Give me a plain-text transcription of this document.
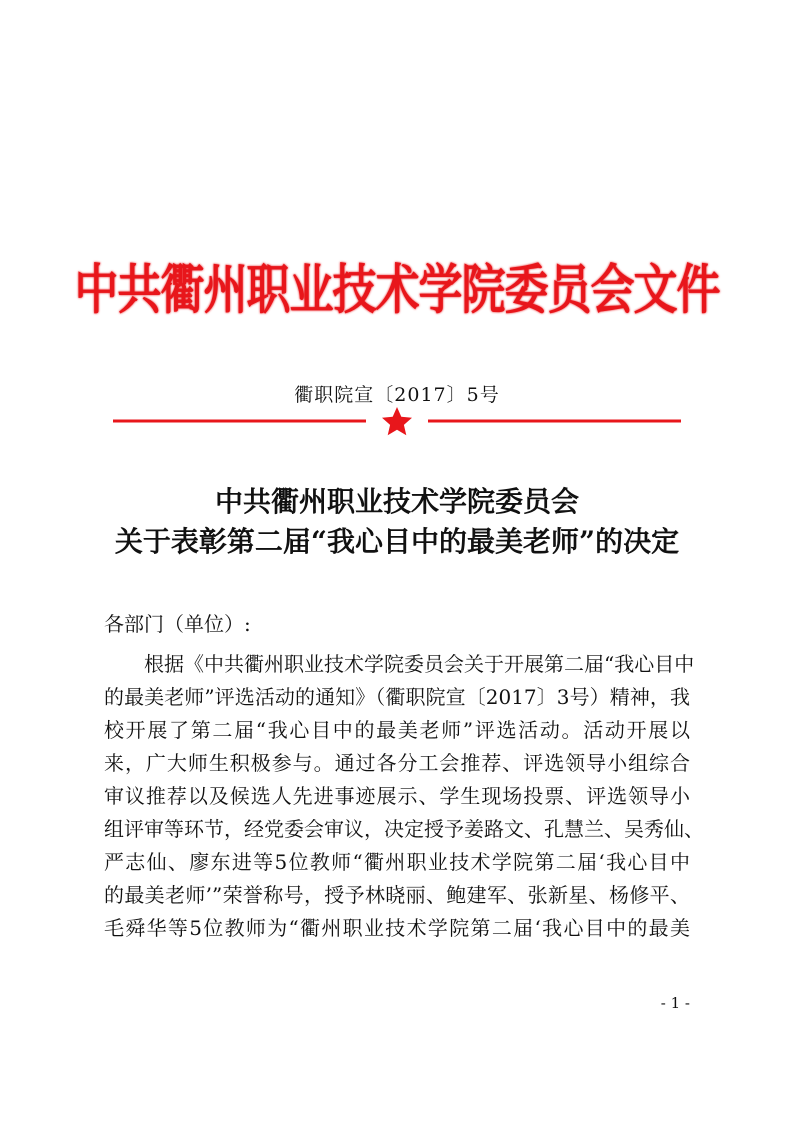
中共衢州职业技术学院委员会文件
衢职院宣〔2017〕5号
中共衢州职业技术学院委员会
关于表彰第二届“我心目中的最美老师”的决定
各部门（单位）:
根据《中共衢州职业技术学院委员会关于开展第二届“我心目中
的最美老师”评选活动的通知》（衢职院宣〔2017〕3号）精神，我
校开展了第二届“我心目中的最美老师”评选活动。活动开展以
来，广大师生积极参与。通过各分工会推荐、评选领导小组综合
审议推荐以及候选人先进事迹展示、学生现场投票、评选领导小
组评审等环节，经党委会审议，决定授予姜路文、孔慧兰、吴秀仙、
严志仙、廖东进等5位教师“衢州职业技术学院第二届‘我心目中
的最美老师’”荣誉称号，授予林晓丽、鲍建军、张新星、杨修平、
毛舜华等5位教师为“衢州职业技术学院第二届‘我心目中的最美
- 1 -
